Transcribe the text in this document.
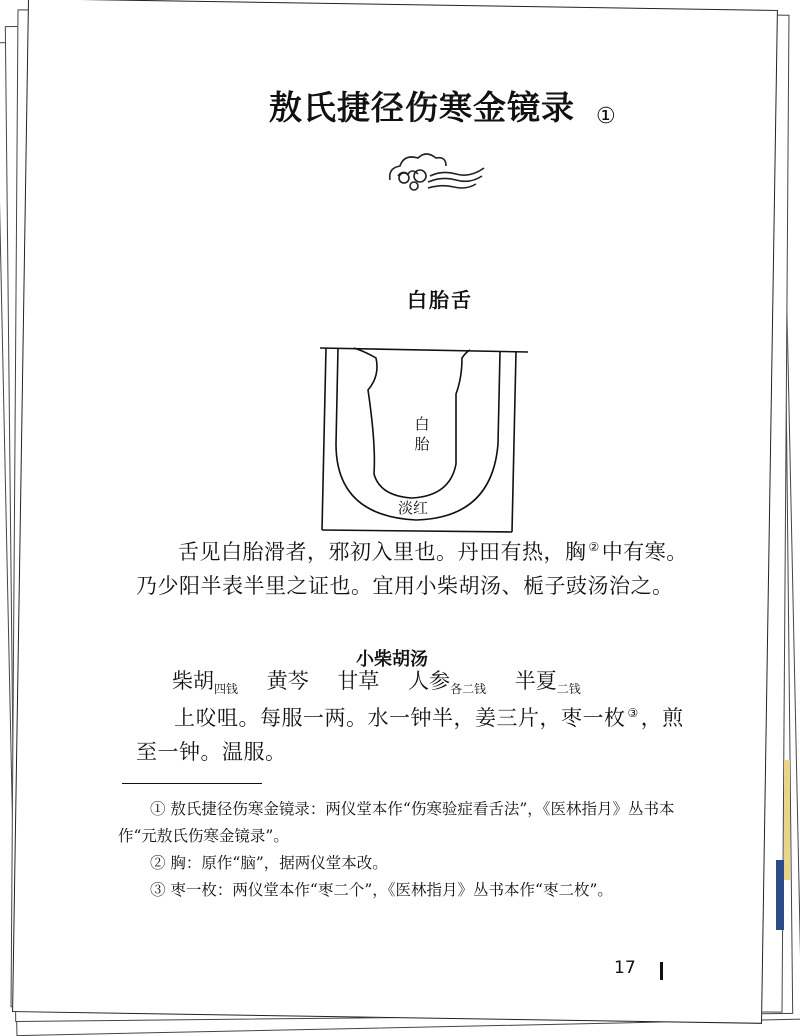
敖氏捷径伤寒金镜录 ①
白胎舌
白
胎
淡红
舌见白胎滑者，邪初入里也。丹田有热，胸 ②中有寒。乃少阳半表半里之证也。宜用小柴胡汤、栀子豉汤治之。
小柴胡汤
柴胡$_{四钱}$ 黄芩 甘草 人参$_{各二钱}$ 半夏$_{二钱}$
上㕮咀。每服一两。水一钟半，姜三片，枣一枚 ③，煎至一钟。温服。

① 敖氏捷径伤寒金镜录：两仪堂本作“伤寒验症看舌法”，《医林指月》丛书本作“元敖氏伤寒金镜录”。

② 胸：原作“脑”，据两仪堂本改。

③ 枣一枚：两仪堂本作“枣二个”，《医林指月》丛书本作“枣二枚”。

17
